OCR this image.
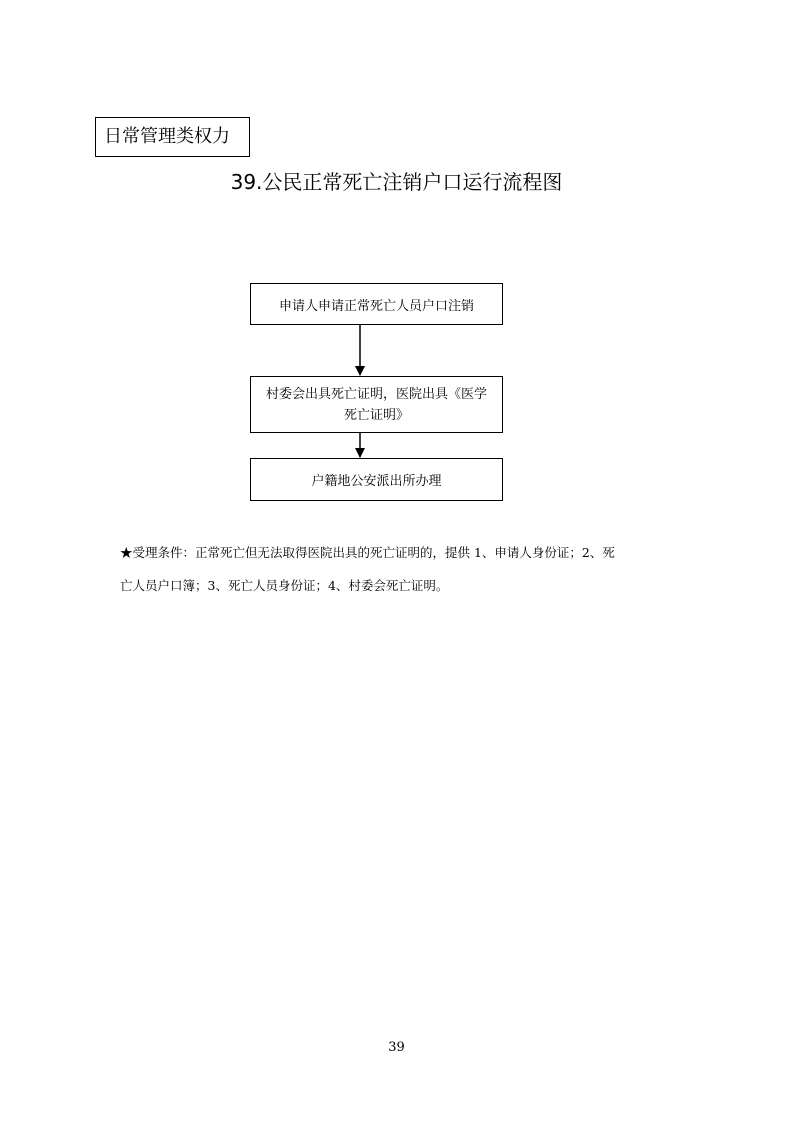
日常管理类权力
39.公民正常死亡注销户口运行流程图
申请人申请正常死亡人员户口注销
村委会出具死亡证明，医院出具《医学
死亡证明》
户籍地公安派出所办理
★受理条件：正常死亡但无法取得医院出具的死亡证明的，提供 1、申请人身份证；2、死
亡人员户口簿；3、死亡人员身份证；4、村委会死亡证明。
39
